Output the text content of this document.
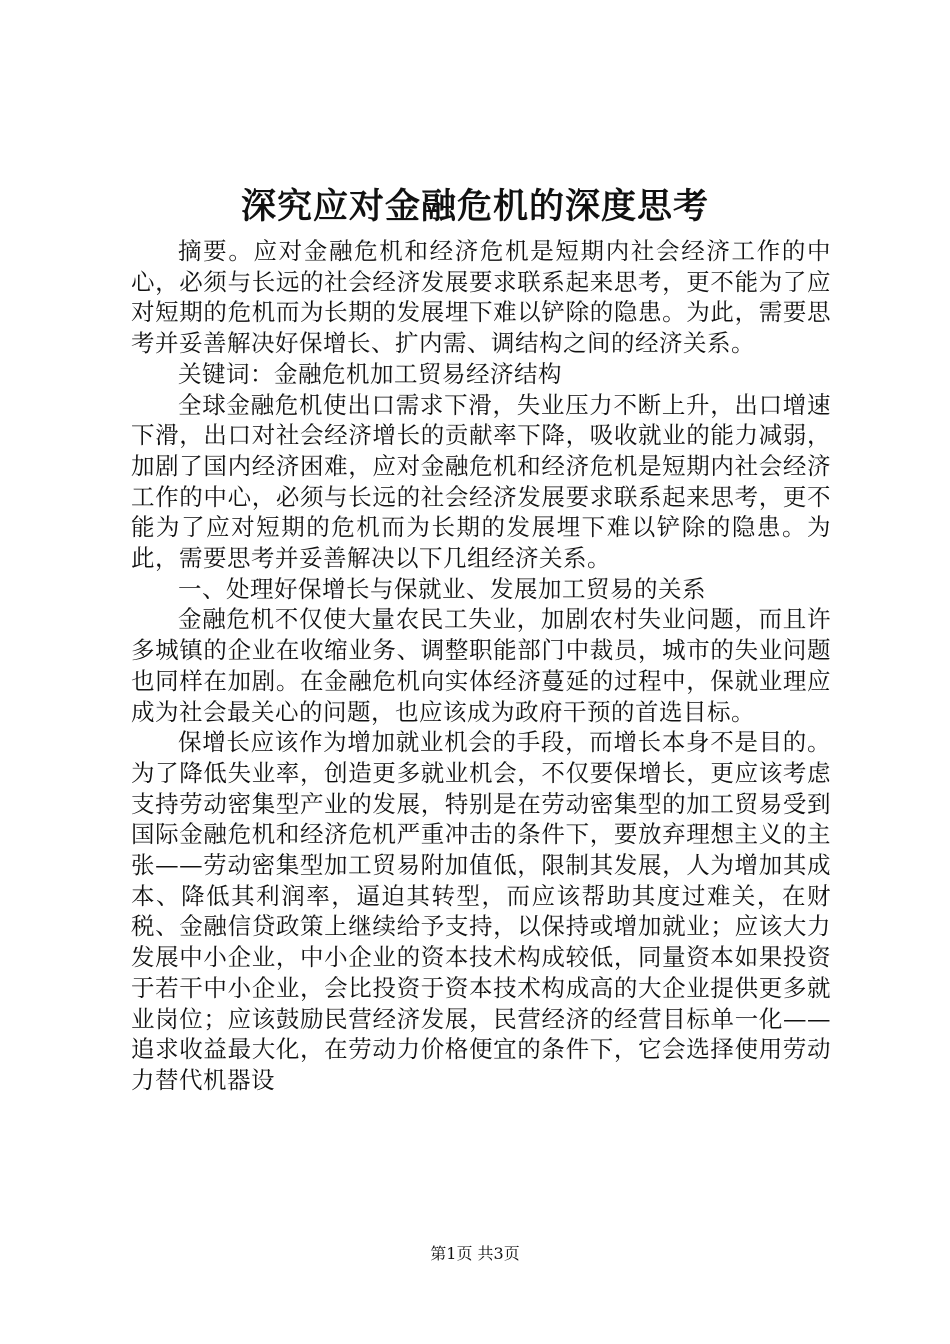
深究应对金融危机的深度思考

摘要。应对金融危机和经济危机是短期内社会经济工作的中心，必须与长远的社会经济发展要求联系起来思考，更不能为了应对短期的危机而为长期的发展埋下难以铲除的隐患。为此，需要思考并妥善解决好保增长、扩内需、调结构之间的经济关系。

关键词：金融危机加工贸易经济结构

全球金融危机使出口需求下滑，失业压力不断上升，出口增速下滑，出口对社会经济增长的贡献率下降，吸收就业的能力减弱，加剧了国内经济困难，应对金融危机和经济危机是短期内社会经济工作的中心，必须与长远的社会经济发展要求联系起来思考，更不能为了应对短期的危机而为长期的发展埋下难以铲除的隐患。为此，需要思考并妥善解决以下几组经济关系。

一、处理好保增长与保就业、发展加工贸易的关系

金融危机不仅使大量农民工失业，加剧农村失业问题，而且许多城镇的企业在收缩业务、调整职能部门中裁员，城市的失业问题也同样在加剧。在金融危机向实体经济蔓延的过程中，保就业理应成为社会最关心的问题，也应该成为政府干预的首选目标。

保增长应该作为增加就业机会的手段，而增长本身不是目的。为了降低失业率，创造更多就业机会，不仅要保增长，更应该考虑支持劳动密集型产业的发展，特别是在劳动密集型的加工贸易受到国际金融危机和经济危机严重冲击的条件下，要放弃理想主义的主张——劳动密集型加工贸易附加值低，限制其发展，人为增加其成本、降低其利润率，逼迫其转型，而应该帮助其度过难关，在财税、金融信贷政策上继续给予支持，以保持或增加就业；应该大力发展中小企业，中小企业的资本技术构成较低，同量资本如果投资于若干中小企业，会比投资于资本技术构成高的大企业提供更多就业岗位；应该鼓励民营经济发展，民营经济的经营目标单一化——追求收益最大化，在劳动力价格便宜的条件下，它会选择使用劳动力替代机器设

第1页 共3页
